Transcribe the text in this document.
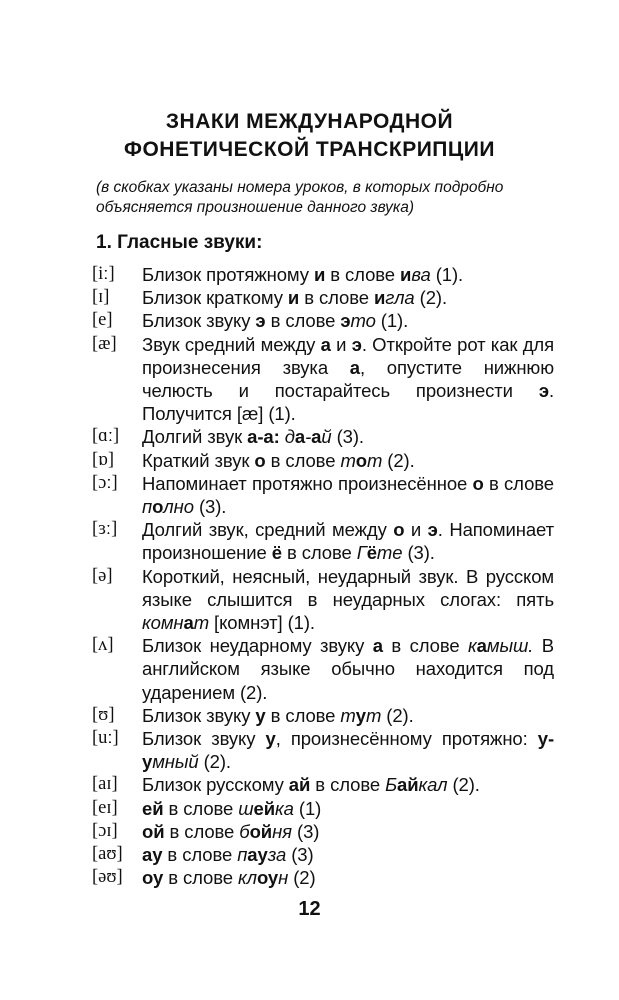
ЗНАКИ МЕЖДУНАРОДНОЙ
ФОНЕТИЧЕСКОЙ ТРАНСКРИПЦИИ
(в скобках указаны номера уроков, в которых подробно объясняется произношение данного звука)
1. Гласные звуки:
[iː]	Близок протяжному и в слове ива (1).
[ɪ]	Близок краткому и в слове игла (2).
[e]	Близок звуку э в слове это (1).
[æ]	Звук средний между а и э. Откройте рот как для произнесения звука а, опустите нижнюю челюсть и постарайтесь произнести э. Получится [æ] (1).
[ɑː]	Долгий звук а-а: да-ай (3).
[ɒ]	Краткий звук о в слове тот (2).
[ɔː]	Напоминает протяжно произнесённое о в слове полно (3).
[ɜː]	Долгий звук, средний между о и э. Напоминает произношение ё в слове Гёте (3).
[ə]	Короткий, неясный, неударный звук. В русском языке слышится в неударных слогах: пять комнат [комнэт] (1).
[ʌ]	Близок неударному звуку а в слове камыш. В английском языке обычно находится под ударением (2).
[ʊ]	Близок звуку у в слове тут (2).
[uː]	Близок звуку у, произнесённому протяжно: у-умный (2).
[aɪ]	Близок русскому ай в слове Байкал (2).
[eɪ]	ей в слове шейка (1)
[ɔɪ]	ой в слове бойня (3)
[aʊ]	ау в слове пауза (3)
[əʊ]	оу в слове клоун (2)
12
